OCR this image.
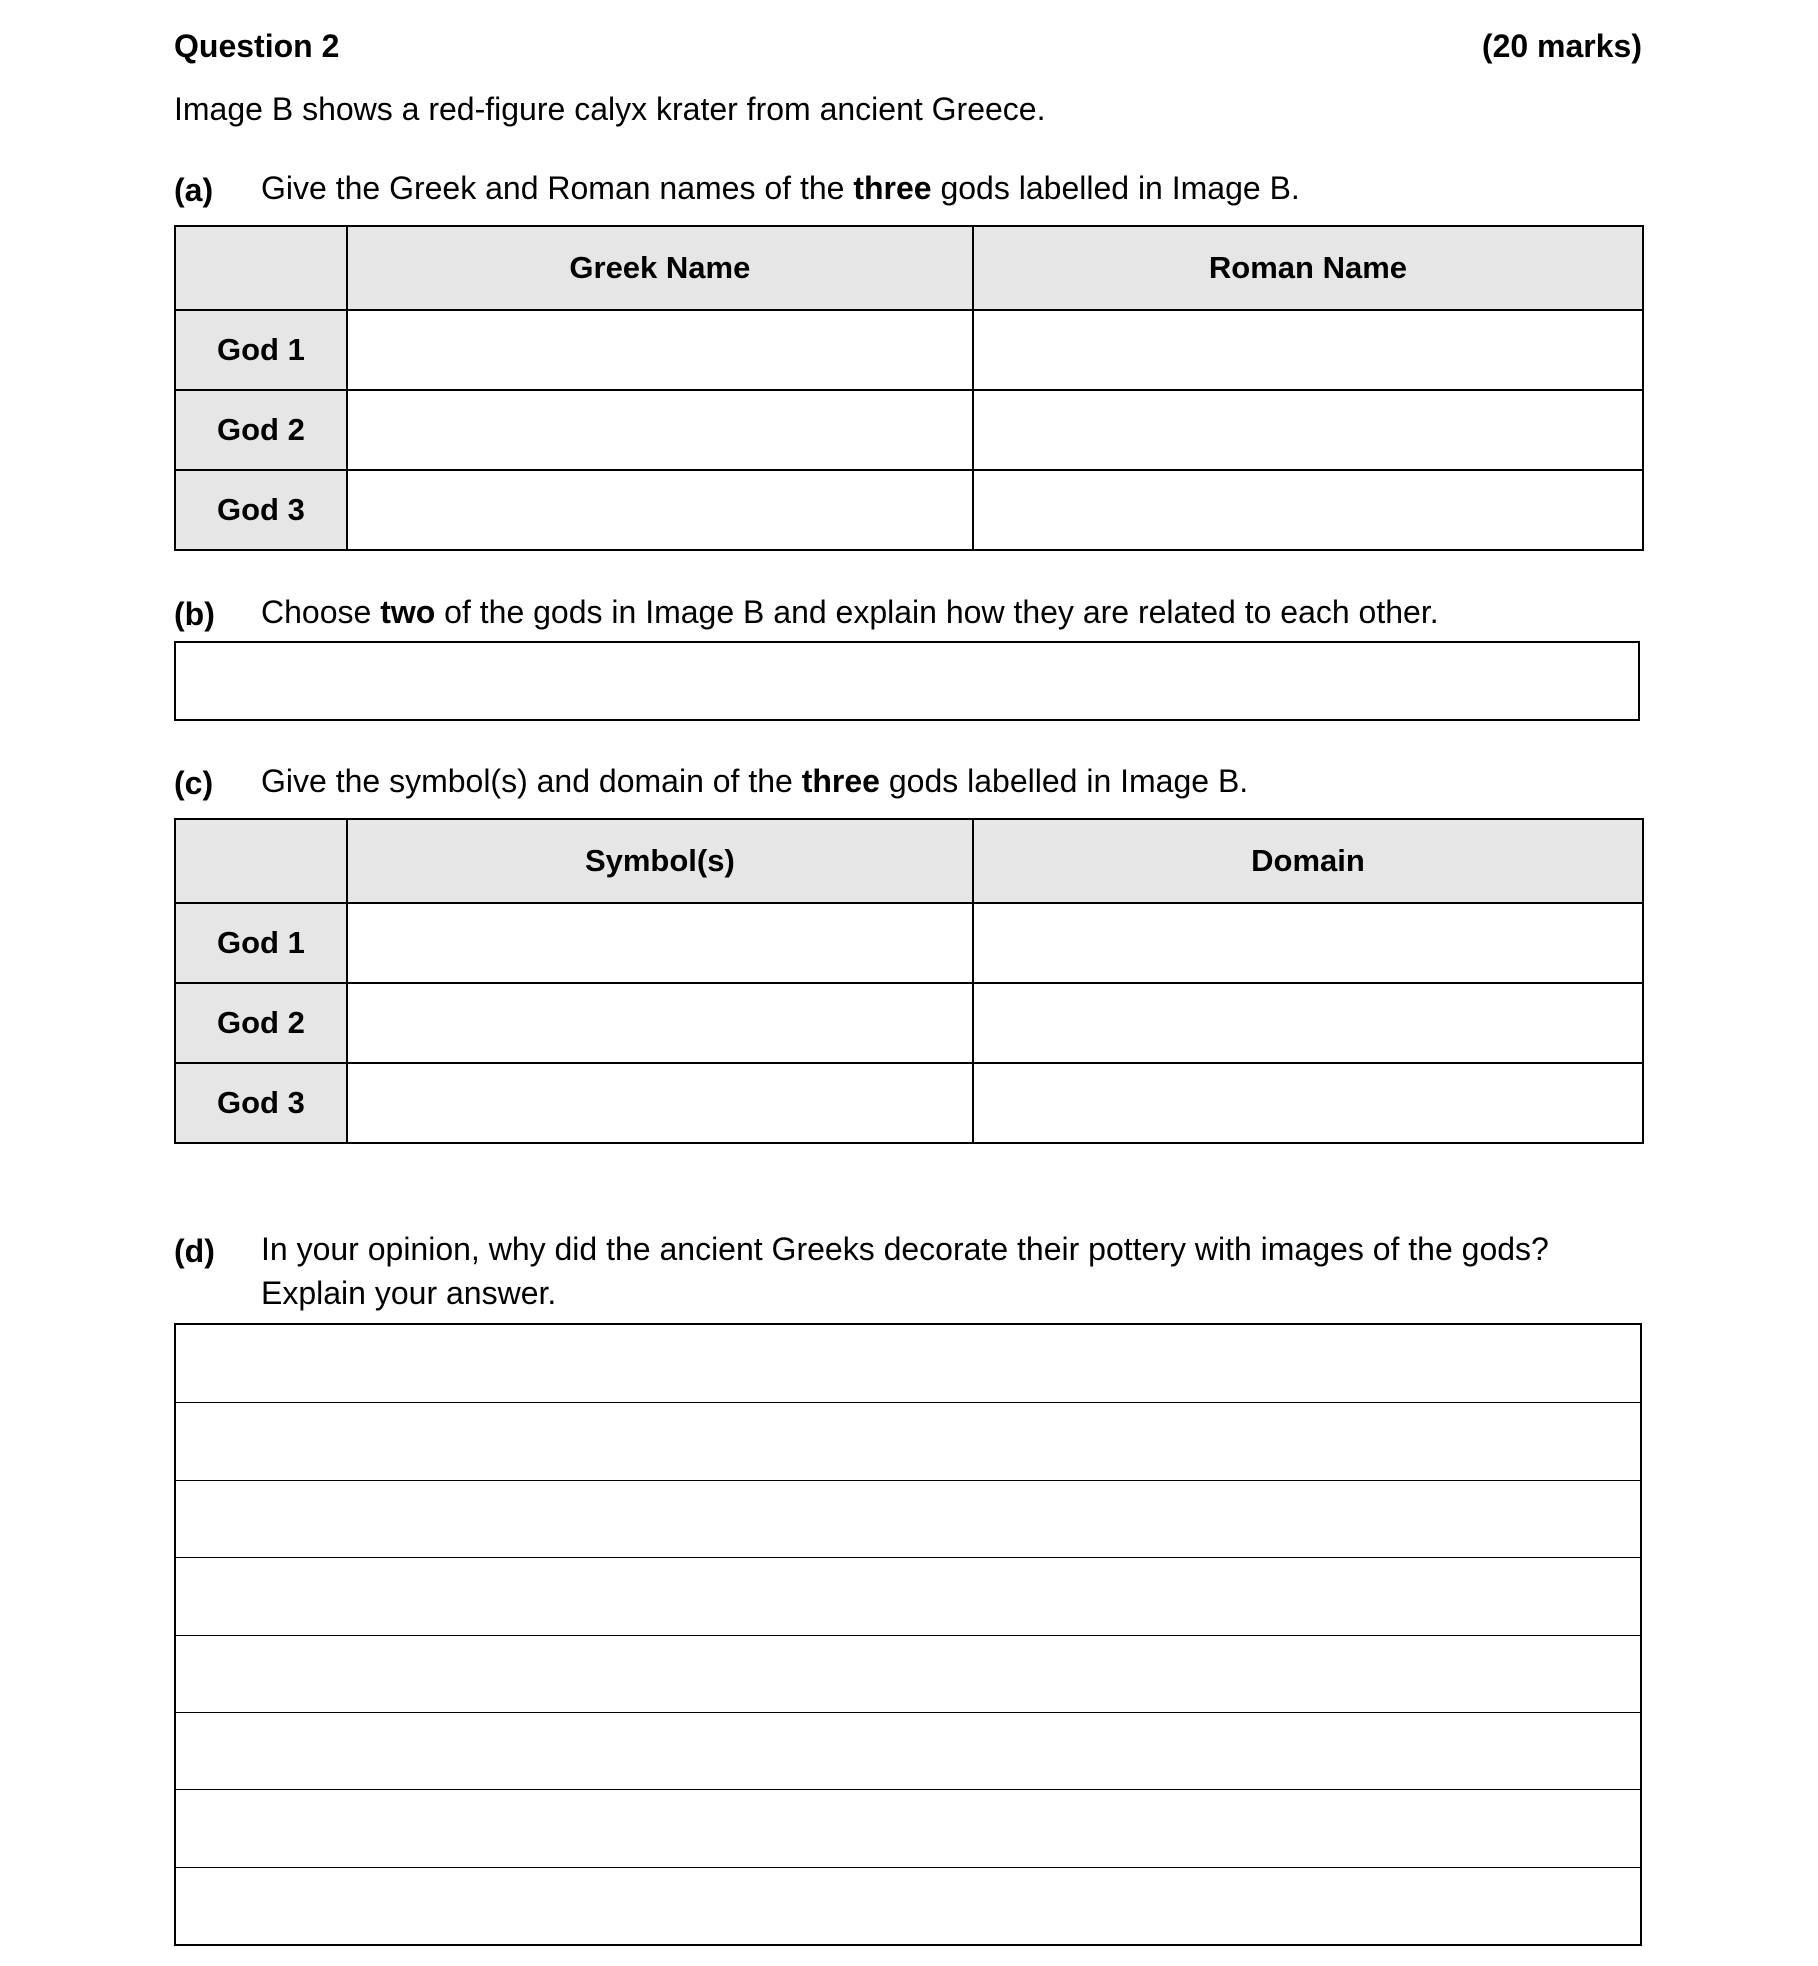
Question 2	(20 marks)
Image B shows a red-figure calyx krater from ancient Greece.
(a) Give the Greek and Roman names of the three gods labelled in Image B.
	Greek Name	Roman Name
God 1		
God 2		
God 3		
(b) Choose two of the gods in Image B and explain how they are related to each other.
(c) Give the symbol(s) and domain of the three gods labelled in Image B.
	Symbol(s)	Domain
God 1		
God 2		
God 3		
(d) In your opinion, why did the ancient Greeks decorate their pottery with images of the gods?
Explain your answer.
